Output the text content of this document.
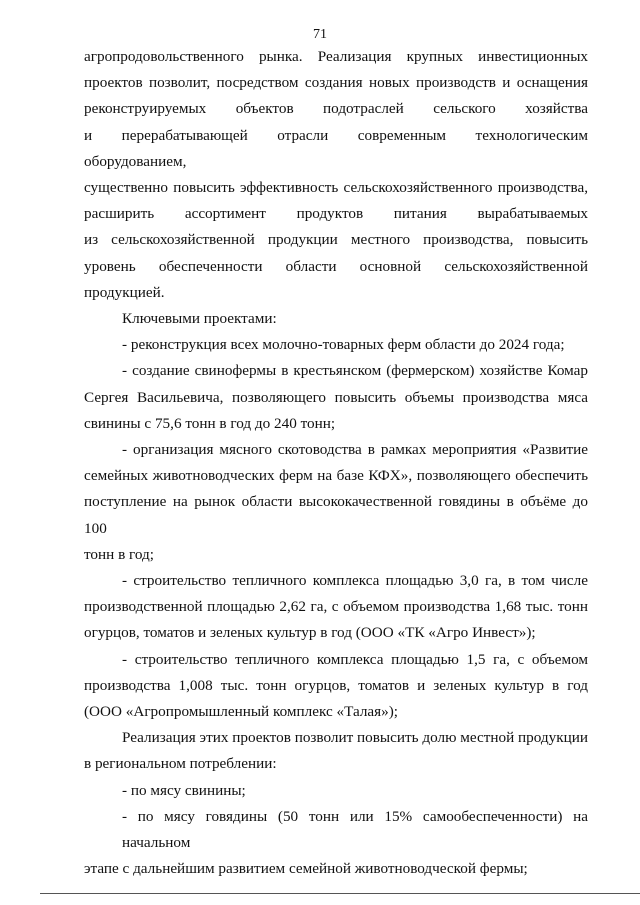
71

агропродовольственного рынка. Реализация крупных инвестиционных

проектов позволит, посредством создания новых производств и оснащения

реконструируемых объектов подотраслей сельского хозяйства

и перерабатывающей отрасли современным технологическим оборудованием,

существенно повысить эффективность сельскохозяйственного производства,

расширить ассортимент продуктов питания вырабатываемых

из сельскохозяйственной продукции местного производства, повысить

уровень обеспеченности области основной сельскохозяйственной

продукцией.

Ключевыми проектами:

- реконструкция всех молочно-товарных ферм области до 2024 года;

- создание свинофермы в крестьянском (фермерском) хозяйстве Комар

Сергея Васильевича, позволяющего повысить объемы производства мяса

свинины с 75,6 тонн в год до 240 тонн;

- организация мясного скотоводства в рамках мероприятия «Развитие

семейных животноводческих ферм на базе КФХ», позволяющего обеспечить

поступление на рынок области высококачественной говядины в объёме до 100

тонн в год;

- строительство тепличного комплекса площадью 3,0 га, в том числе

производственной площадью 2,62 га, с объемом производства 1,68 тыс. тонн

огурцов, томатов и зеленых культур в год (ООО «ТК «Агро Инвест»);

- строительство тепличного комплекса площадью 1,5 га, с объемом

производства 1,008 тыс. тонн огурцов, томатов и зеленых культур в год

(ООО «Агропромышленный комплекс «Талая»);

Реализация этих проектов позволит повысить долю местной продукции

в региональном потреблении:

- по мясу свинины;

- по мясу говядины (50 тонн или 15% самообеспеченности) на начальном

этапе с дальнейшим развитием семейной животноводческой фермы;
